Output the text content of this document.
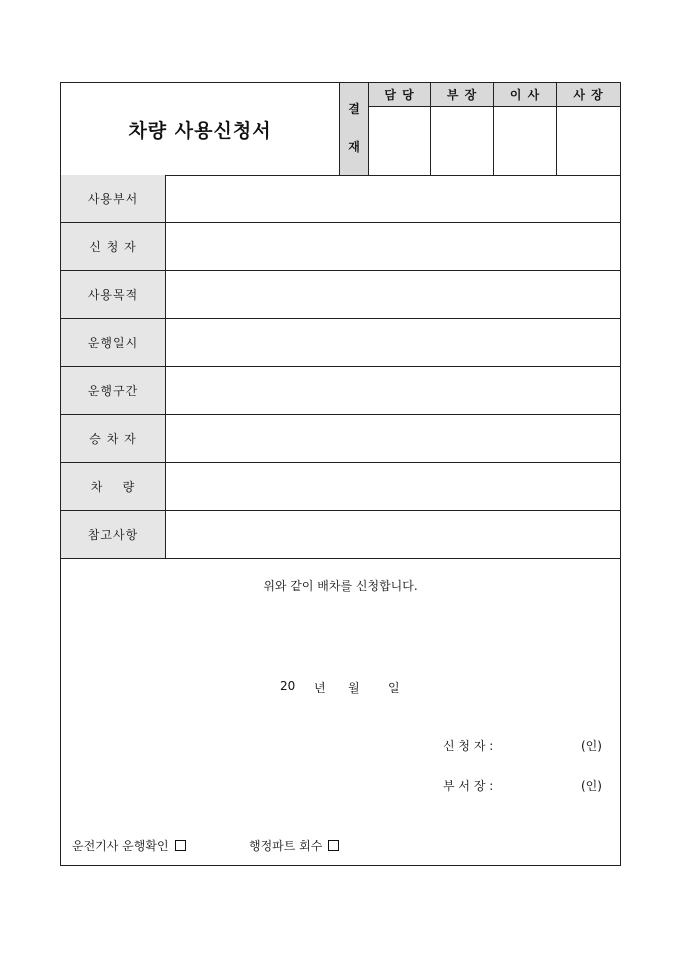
차량 사용신청서
결
재
담 당	부 장	이 사	사 장
사용부서
신 청 자
사용목적
운행일시
운행구간
승 차 자
차    량
참고사항
위와 같이 배차를 신청합니다.
20 년 월 일
신 청 자 :	(인)
부 서 장 :	(인)
운전기사 운행확인	행정파트 회수
